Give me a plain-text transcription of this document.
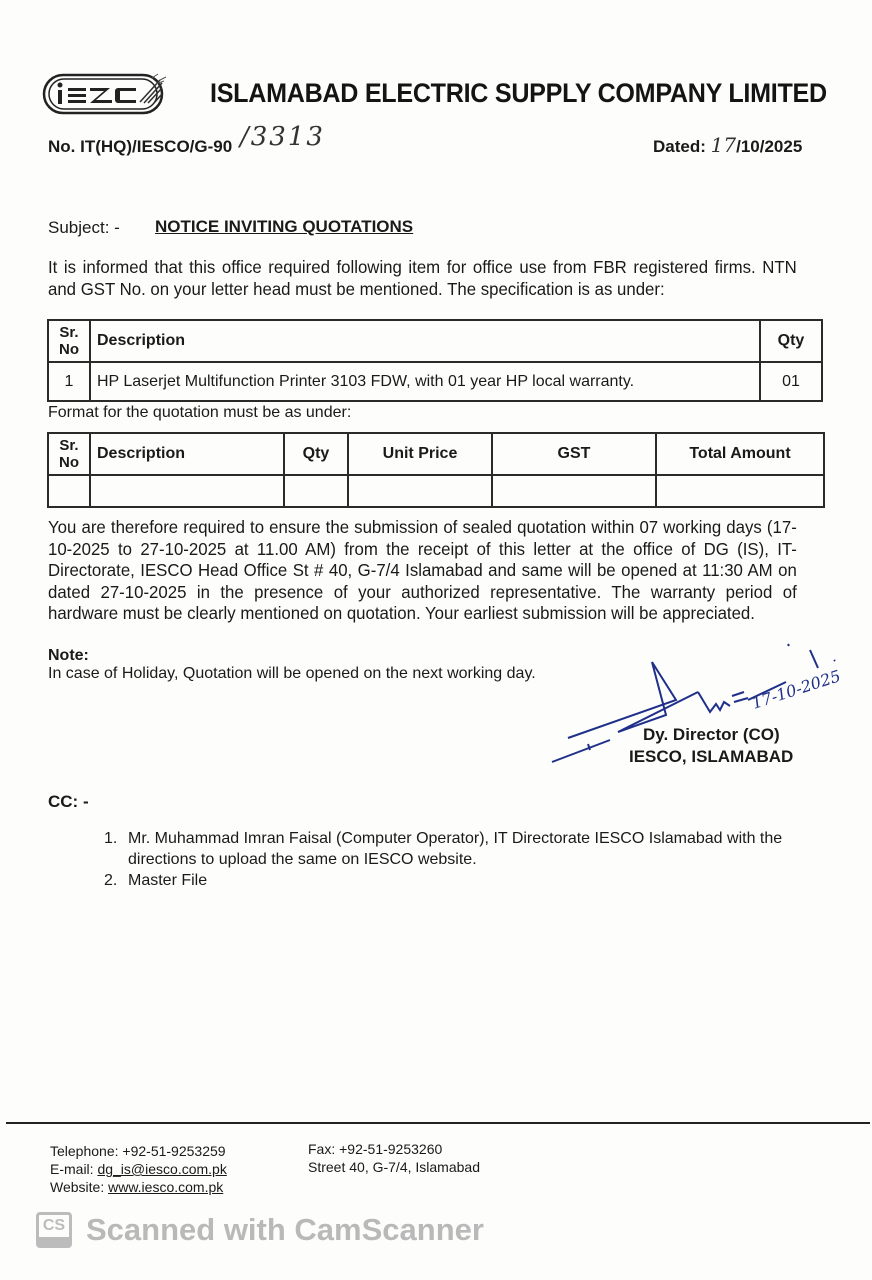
ISLAMABAD ELECTRIC SUPPLY COMPANY LIMITED
No. IT(HQ)/IESCO/G-90 /3313	Dated: 17/10/2025
Subject: - NOTICE INVITING QUOTATIONS
It is informed that this office required following item for office use from FBR registered firms. NTN and GST No. on your letter head must be mentioned. The specification is as under:
Sr.
No	Description	Qty
1	HP Laserjet Multifunction Printer 3103 FDW, with 01 year HP local warranty.	01
Format for the quotation must be as under:
Sr.
No	Description	Qty	Unit Price	GST	Total Amount

You are therefore required to ensure the submission of sealed quotation within 07 working days (17-10-2025 to 27-10-2025 at 11.00 AM) from the receipt of this letter at the office of DG (IS), IT-Directorate, IESCO Head Office St # 40, G-7/4 Islamabad and same will be opened at 11:30 AM on dated 27-10-2025 in the presence of your authorized representative. The warranty period of hardware must be clearly mentioned on quotation. Your earliest submission will be appreciated.
Note:
In case of Holiday, Quotation will be opened on the next working day.	17-10-2025
Dy. Director (CO)
IESCO, ISLAMABAD
CC: -
1. Mr. Muhammad Imran Faisal (Computer Operator), IT Directorate IESCO Islamabad with the directions to upload the same on IESCO website.
2. Master File
Telephone: +92-51-9253259
E-mail: dg_is@iesco.com.pk
Website: www.iesco.com.pk
Fax: +92-51-9253260
Street 40, G-7/4, Islamabad
CS Scanned with CamScanner
